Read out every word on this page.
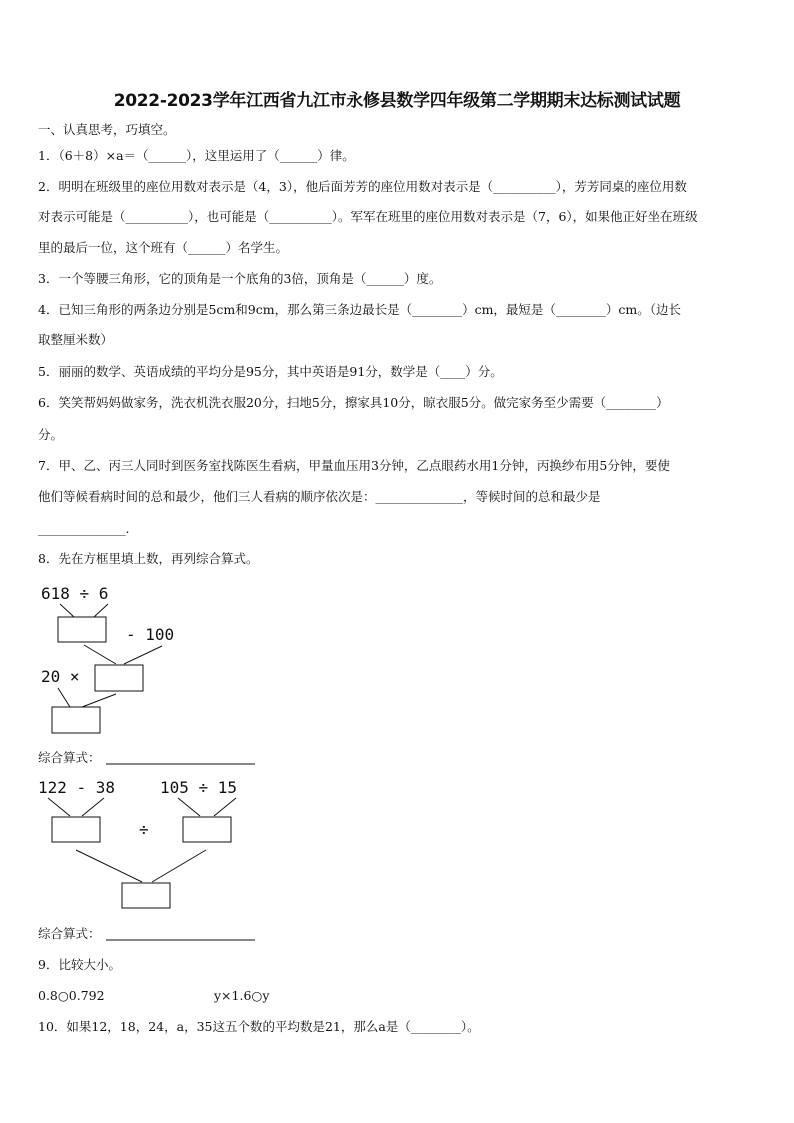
2022-2023学年江西省九江市永修县数学四年级第二学期期末达标测试试题
一、认真思考，巧填空。
1．（6＋8）×a＝（______），这里运用了（______）律。
2．明明在班级里的座位用数对表示是（4，3），他后面芳芳的座位用数对表示是（__________），芳芳同桌的座位用数
对表示可能是（__________），也可能是（__________）。军军在班里的座位用数对表示是（7，6），如果他正好坐在班级
里的最后一位，这个班有（______）名学生。
3．一个等腰三角形，它的顶角是一个底角的3倍，顶角是（______）度。
4．已知三角形的两条边分别是5cm和9cm，那么第三条边最长是（________）cm，最短是（________）cm。（边长
取整厘米数）
5．丽丽的数学、英语成绩的平均分是95分，其中英语是91分，数学是（____）分。
6．笑笑帮妈妈做家务，洗衣机洗衣服20分，扫地5分，擦家具10分，晾衣服5分。做完家务至少需要（________）
分。
7．甲、乙、丙三人同时到医务室找陈医生看病，甲量血压用3分钟，乙点眼药水用1分钟，丙换纱布用5分钟，要使
他们等候看病时间的总和最少，他们三人看病的顺序依次是：______________，等候时间的总和最少是
______________.
8．先在方框里填上数，再列综合算式。
618 ÷ 6
- 100
20 ×
综合算式：
122 - 38	105 ÷ 15
÷
综合算式：
9．比较大小。
0.8○0.792	y×1.6○y
10．如果12，18，24，a，35这五个数的平均数是21，那么a是（________）。
